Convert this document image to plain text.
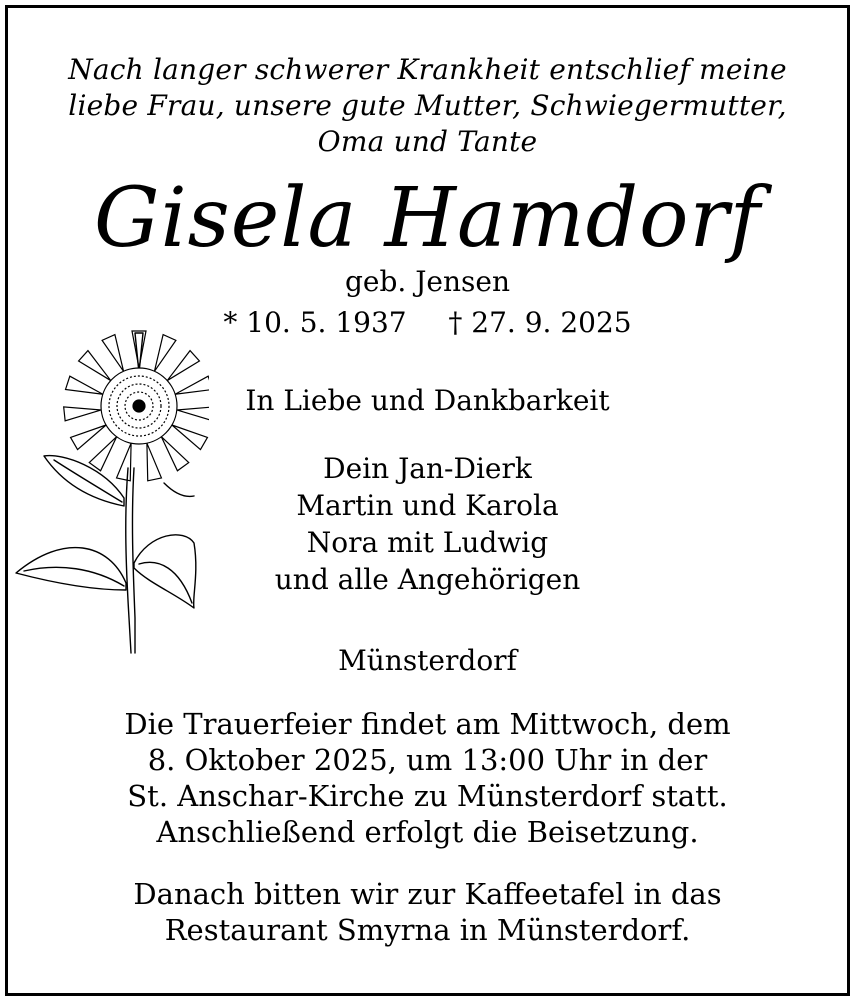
Nach langer schwerer Krankheit entschlief meine

liebe Frau, unsere gute Mutter, Schwiegermutter,

Oma und Tante

Gisela Hamdorf

geb. Jensen

* 10. 5. 1937 † 27. 9. 2025

In Liebe und Dankbarkeit

Dein Jan-Dierk

Martin und Karola

Nora mit Ludwig

und alle Angehörigen

Münsterdorf

Die Trauerfeier findet am Mittwoch, dem

8. Oktober 2025, um 13:00 Uhr in der

St. Anschar-Kirche zu Münsterdorf statt.

Anschließend erfolgt die Beisetzung.

Danach bitten wir zur Kaffeetafel in das

Restaurant Smyrna in Münsterdorf.
